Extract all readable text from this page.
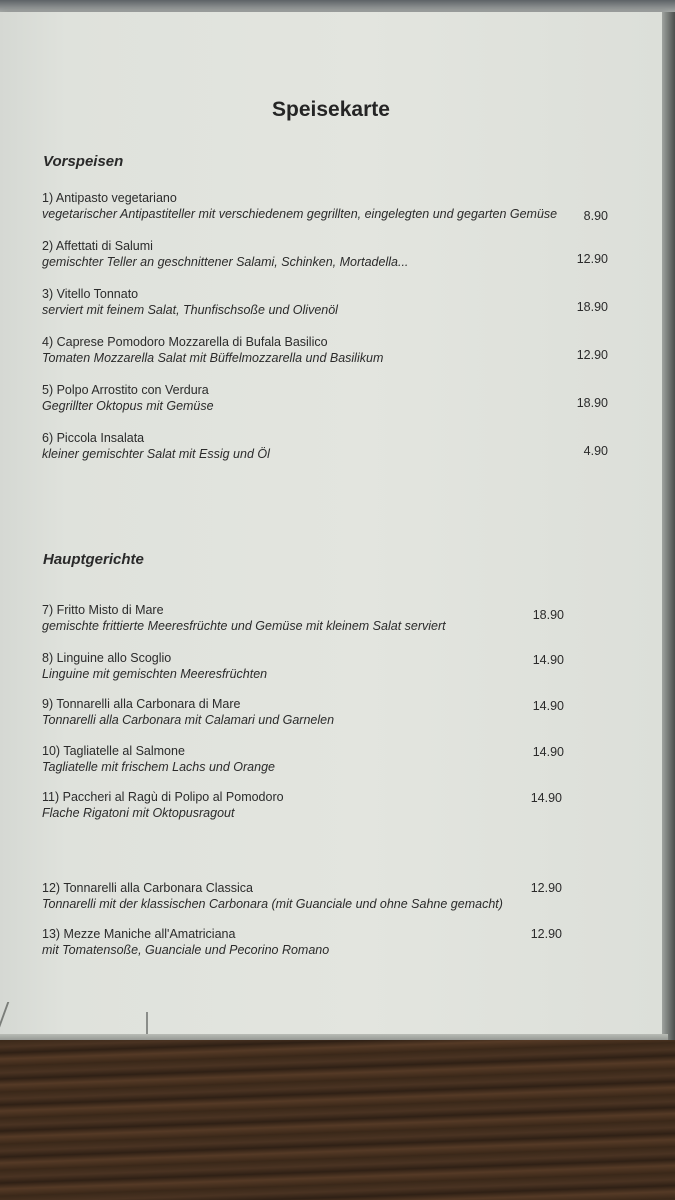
Speisekarte
Vorspeisen
1) Antipasto vegetariano
vegetarischer Antipastiteller mit verschiedenem gegrillten, eingelegten und gegarten Gemüse	8.90
2) Affettati di Salumi
gemischter Teller an geschnittener Salami, Schinken, Mortadella...	12.90
3) Vitello Tonnato
serviert mit feinem Salat, Thunfischsoße und Olivenöl	18.90
4) Caprese Pomodoro Mozzarella di Bufala Basilico
Tomaten Mozzarella Salat mit Büffelmozzarella und Basilikum	12.90
5) Polpo Arrostito con Verdura
Gegrillter Oktopus mit Gemüse	18.90
6) Piccola Insalata
kleiner gemischter Salat mit Essig und Öl	4.90
Hauptgerichte
7) Fritto Misto di Mare
gemischte frittierte Meeresfrüchte und Gemüse mit kleinem Salat serviert
18.90
8) Linguine allo Scoglio
Linguine mit gemischten Meeresfrüchten
14.90
9) Tonnarelli alla Carbonara di Mare
Tonnarelli alla Carbonara mit Calamari und Garnelen
14.90
10) Tagliatelle al Salmone
Tagliatelle mit frischem Lachs und Orange
14.90
11) Paccheri al Ragù di Polipo al Pomodoro
Flache Rigatoni mit Oktopusragout
14.90
12) Tonnarelli alla Carbonara Classica
Tonnarelli mit der klassischen Carbonara (mit Guanciale und ohne Sahne gemacht)
12.90
13) Mezze Maniche all'Amatriciana
mit Tomatensoße, Guanciale und Pecorino Romano
12.90
